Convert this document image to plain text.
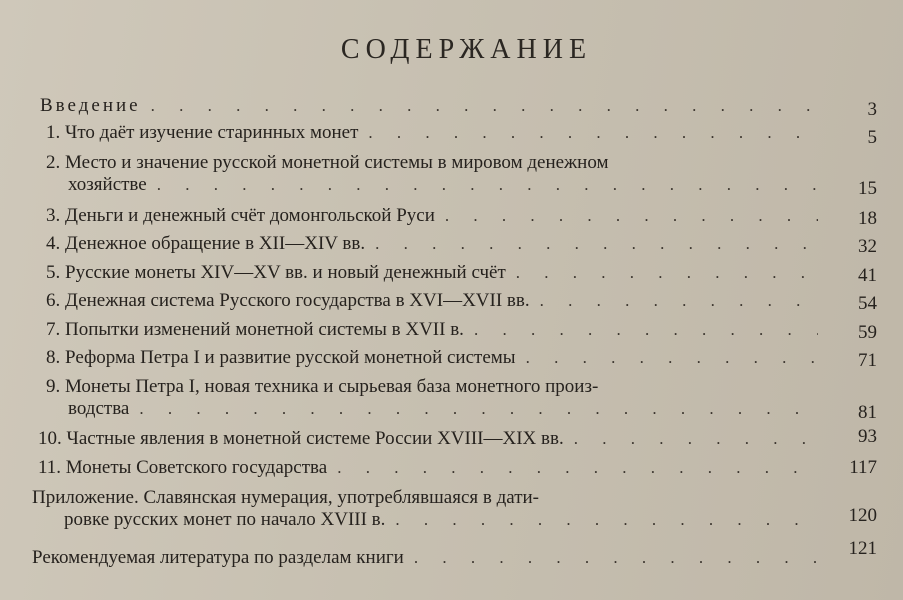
СОДЕРЖАНИЕ
Введение . . .	3
1. Что даёт изучение старинных монет . . .	5
2. Место и значение русской монетной системы в мировом денежном
хозяйстве . . .	15
3. Деньги и денежный счёт домонгольской Руси . . .	18
4. Денежное обращение в XII—XIV вв. . . .	32
5. Русские монеты XIV—XV вв. и новый денежный счёт . . .	41
6. Денежная система Русского государства в XVI—XVII вв. . . .	54
7. Попытки изменений монетной системы в XVII в. . . .	59
8. Реформа Петра I и развитие русской монетной системы . . .	71
9. Монеты Петра I, новая техника и сырьевая база монетного произ-
водства . . .	81
10. Частные явления в монетной системе России XVIII—XIX вв. . . .	93
11. Монеты Советского государства . . .	117
Приложение. Славянская нумерация, употреблявшаяся в дати-
ровке русских монет по начало XVIII в. . . .	120
Рекомендуемая литература по разделам книги . . .	121
